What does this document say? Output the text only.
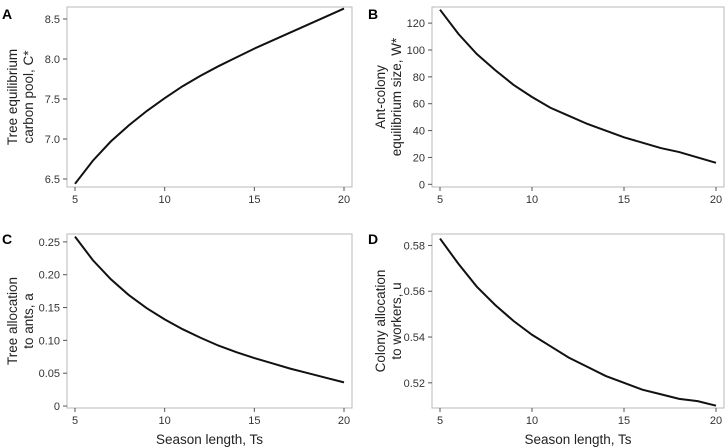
5	10	15	20
6.5
7.0
7.5
8.0
8.5
A
Tree equilibriumcarbon pool, C*
5	10	15	20
0
20
40
60
80
100
120
B
Ant-colonyequilibrium size, W*
5	10	15	20
0
0.05
0.10
0.15
0.20
0.25
C
Tree allocationto ants, a
Season length, Ts
5	10	15	20
0.52
0.54
0.56
0.58
D
Colony allocationto workers, u
Season length, Ts
